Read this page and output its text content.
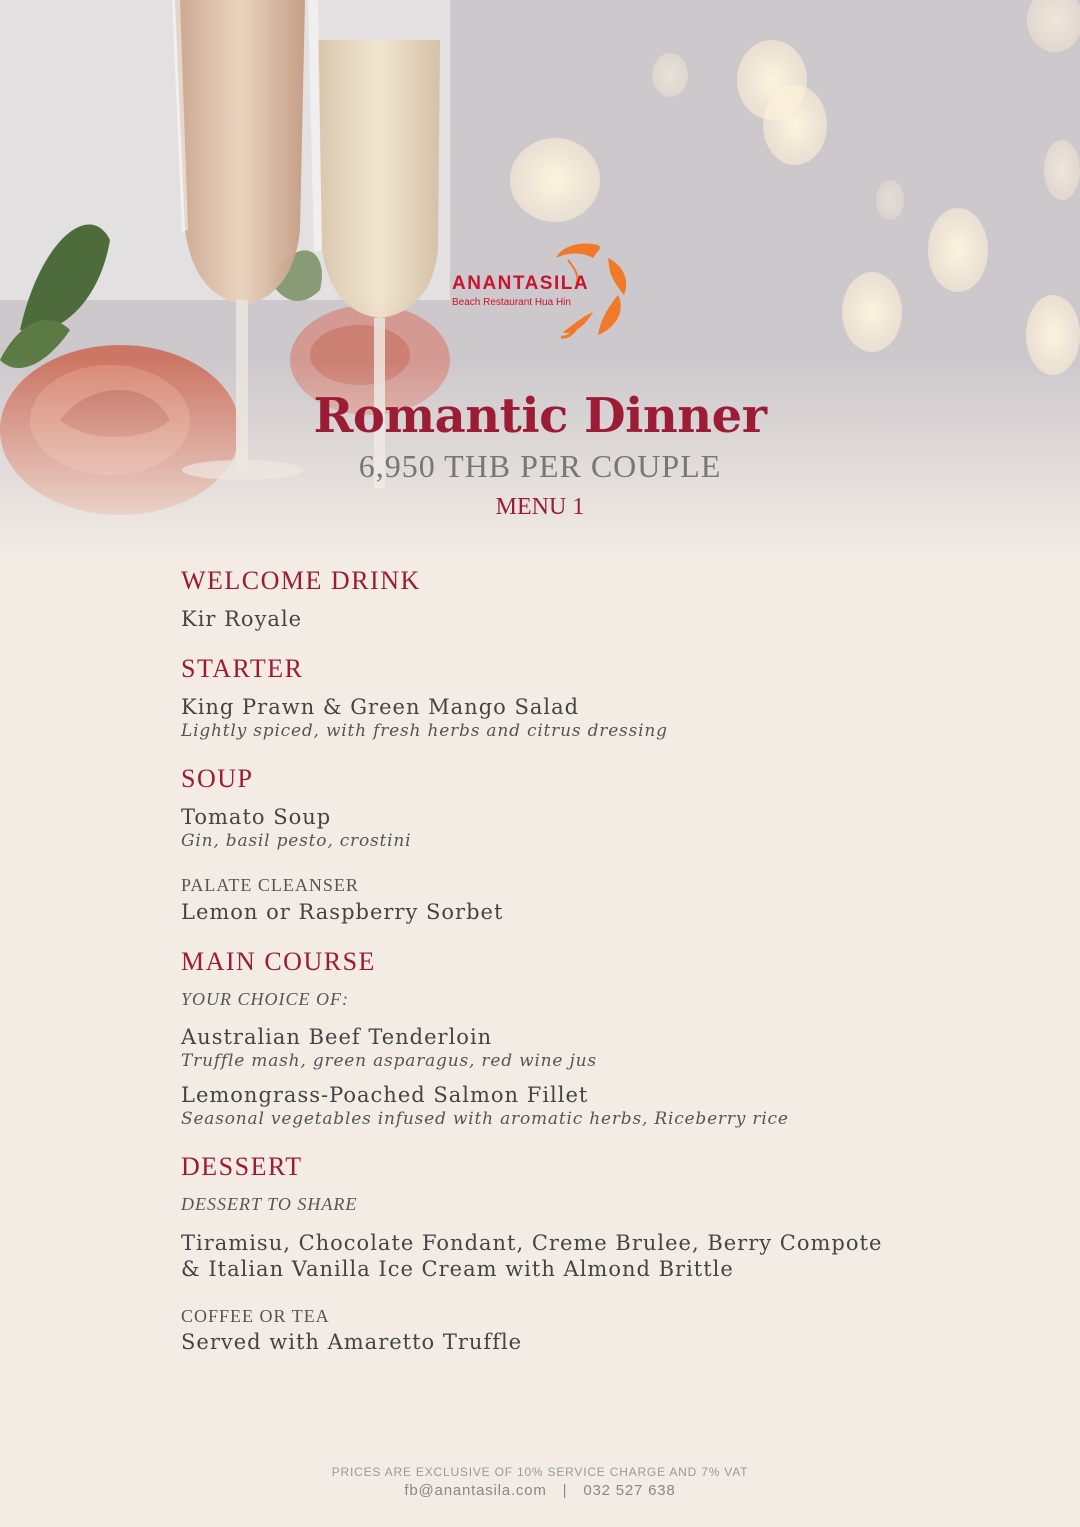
ANANTASILA
Beach Restaurant Hua Hin
Romantic Dinner
6,950 THB PER COUPLE
MENU 1
WELCOME DRINK
Kir Royale
STARTER
King Prawn & Green Mango Salad
Lightly spiced, with fresh herbs and citrus dressing
SOUP
Tomato Soup
Gin, basil pesto, crostini
PALATE CLEANSER
Lemon or Raspberry Sorbet
MAIN COURSE
YOUR CHOICE OF:
Australian Beef Tenderloin
Truffle mash, green asparagus, red wine jus
Lemongrass-Poached Salmon Fillet
Seasonal vegetables infused with aromatic herbs, Riceberry rice
DESSERT
DESSERT TO SHARE
Tiramisu, Chocolate Fondant, Creme Brulee, Berry Compote
& Italian Vanilla Ice Cream with Almond Brittle
COFFEE OR TEA
Served with Amaretto Truffle
PRICES ARE EXCLUSIVE OF 10% SERVICE CHARGE AND 7% VAT
fb@anantasila.com | 032 527 638
